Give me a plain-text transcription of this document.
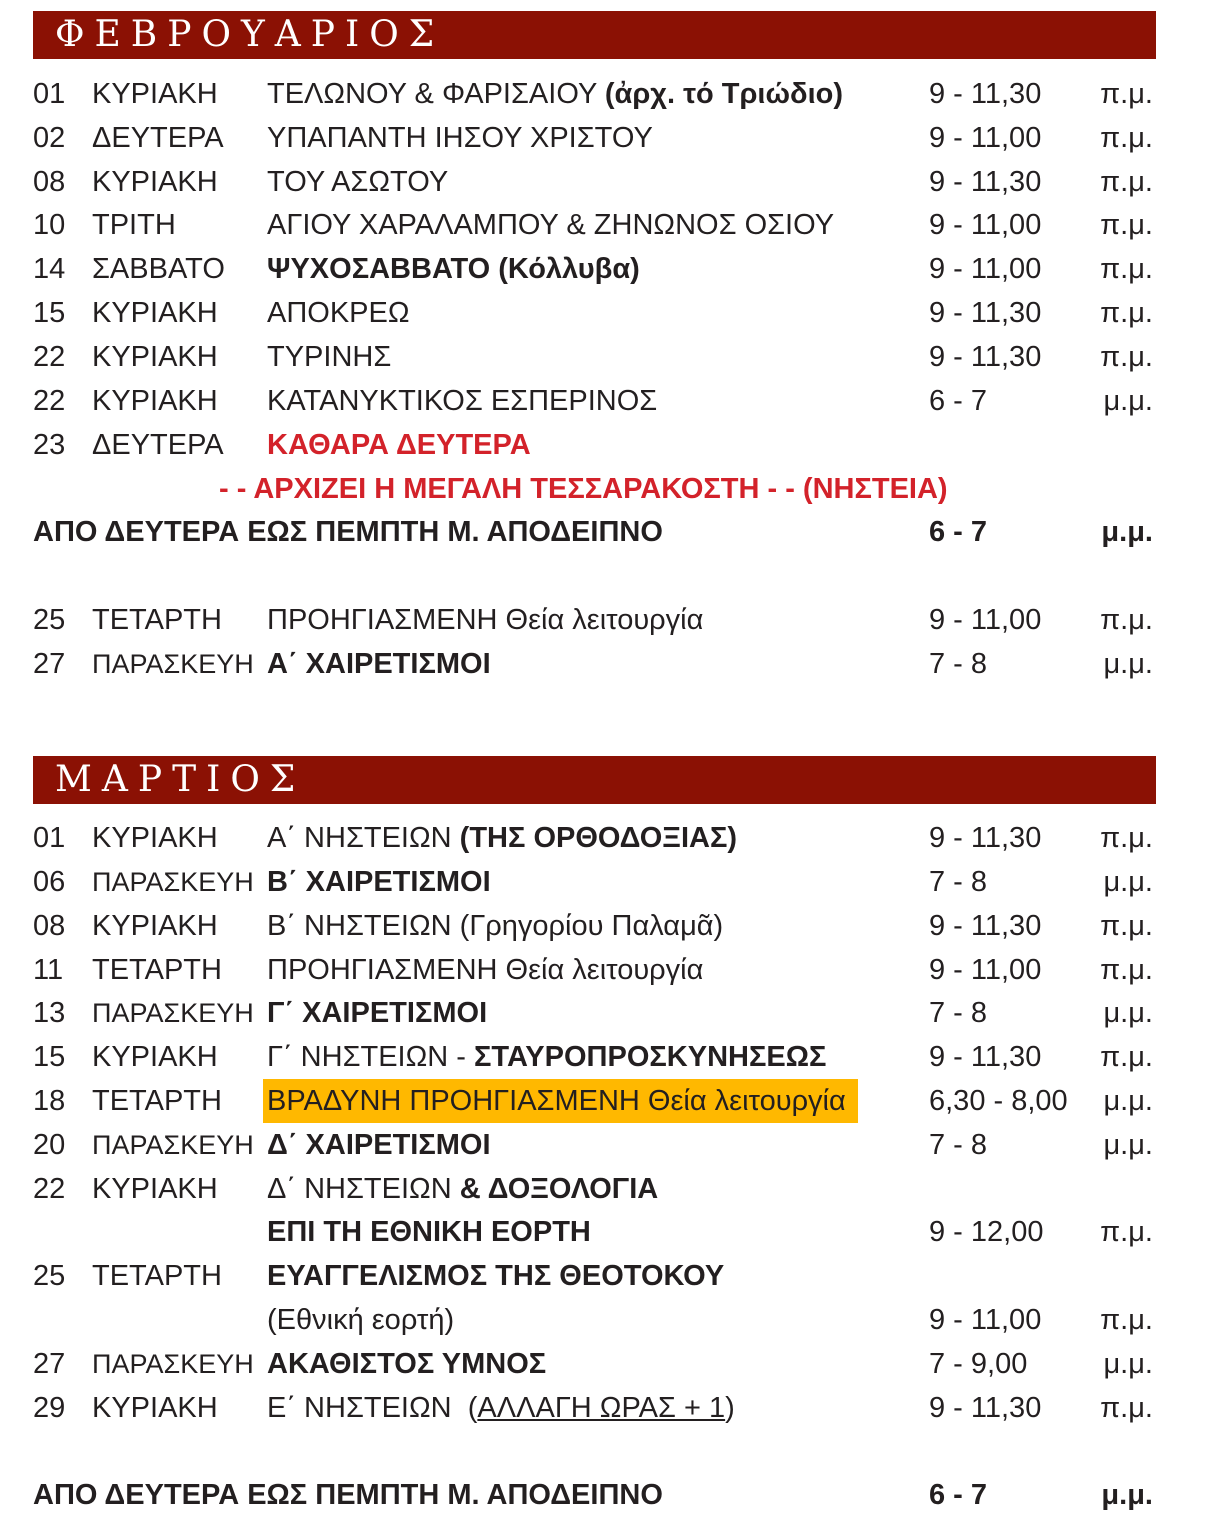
ΦΕΒΡΟΥΑΡΙΟΣ
01 ΚΥΡΙΑΚΗ ΤΕΛΩΝΟΥ & ΦΑΡΙΣΑΙΟΥ (ἀρχ. τό Τριώδιο)	9 - 11,30 π.μ.
02 ΔΕΥΤΕΡΑ ΥΠΑΠΑΝΤΗ ΙΗΣΟΥ ΧΡΙΣΤΟΥ	9 - 11,00 π.μ.
08 ΚΥΡΙΑΚΗ ΤΟΥ ΑΣΩΤΟΥ	9 - 11,30 π.μ.
10 ΤΡΙΤΗ	ΑΓΙΟΥ ΧΑΡΑΛΑΜΠΟΥ & ΖΗΝΩΝΟΣ ΟΣΙΟΥ	9 - 11,00 π.μ.
14 ΣΑΒΒΑΤΟ ΨΥΧΟΣΑΒΒΑΤΟ (Κόλλυβα)	9 - 11,00 π.μ.
15 ΚΥΡΙΑΚΗ ΑΠΟΚΡΕΩ	9 - 11,30 π.μ.
22 ΚΥΡΙΑΚΗ ΤΥΡΙΝΗΣ	9 - 11,30 π.μ.
22 ΚΥΡΙΑΚΗ ΚΑΤΑΝΥΚΤΙΚΟΣ ΕΣΠΕΡΙΝΟΣ	6 - 7	μ.μ.
23 ΔΕΥΤΕΡΑ ΚΑΘΑΡΑ ΔΕΥΤΕΡΑ
- - ΑΡΧΙΖΕΙ Η ΜΕΓΑΛΗ ΤΕΣΣΑΡΑΚΟΣΤΗ - - (ΝΗΣΤΕΙΑ)
ΑΠΟ ΔΕΥΤΕΡΑ ΕΩΣ ΠΕΜΠΤΗ Μ. ΑΠΟΔΕΙΠΝΟ	6 - 7	μ.μ.
25 ΤΕΤΑΡΤΗ ΠΡΟΗΓΙΑΣΜΕΝΗ Θεία λειτουργία	9 - 11,00 π.μ.
27 ΠΑΡΑΣΚΕΥΗ Α΄ ΧΑΙΡΕΤΙΣΜΟΙ	7 - 8	μ.μ.
ΜΑΡΤΙΟΣ
01 ΚΥΡΙΑΚΗ Α΄ ΝΗΣΤΕΙΩΝ (ΤΗΣ ΟΡΘΟΔΟΞΙΑΣ)	9 - 11,30 π.μ.
06 ΠΑΡΑΣΚΕΥΗ Β΄ ΧΑΙΡΕΤΙΣΜΟΙ	7 - 8	μ.μ.
08 ΚΥΡΙΑΚΗ Β΄ ΝΗΣΤΕΙΩΝ (Γρηγορίου Παλαμᾶ)	9 - 11,30 π.μ.
11 ΤΕΤΑΡΤΗ ΠΡΟΗΓΙΑΣΜΕΝΗ Θεία λειτουργία	9 - 11,00 π.μ.
13 ΠΑΡΑΣΚΕΥΗ Γ΄ ΧΑΙΡΕΤΙΣΜΟΙ	7 - 8	μ.μ.
15 ΚΥΡΙΑΚΗ Γ΄ ΝΗΣΤΕΙΩΝ - ΣΤΑΥΡΟΠΡΟΣΚΥΝΗΣΕΩΣ	9 - 11,30 π.μ.
18 ΤΕΤΑΡΤΗ ΒΡΑΔΥΝΗ ΠΡΟΗΓΙΑΣΜΕΝΗ Θεία λειτουργία	6,30 - 8,00 μ.μ.
20 ΠΑΡΑΣΚΕΥΗ Δ΄ ΧΑΙΡΕΤΙΣΜΟΙ	7 - 8	μ.μ.
22 ΚΥΡΙΑΚΗ Δ΄ ΝΗΣΤΕΙΩΝ & ΔΟΞΟΛΟΓΙΑ
ΕΠΙ ΤΗ ΕΘΝΙΚΗ ΕΟΡΤΗ	9 - 12,00 π.μ.
25 ΤΕΤΑΡΤΗ ΕΥΑΓΓΕΛΙΣΜΟΣ ΤΗΣ ΘΕΟΤΟΚΟΥ
(Εθνική εορτή)	9 - 11,00 π.μ.
27 ΠΑΡΑΣΚΕΥΗ ΑΚΑΘΙΣΤΟΣ ΥΜΝΟΣ	7 - 9,00	μ.μ.
29 ΚΥΡΙΑΚΗ Ε΄ ΝΗΣΤΕΙΩΝ  (ΑΛΛΑΓΗ ΩΡΑΣ + 1)	9 - 11,30 π.μ.
ΑΠΟ ΔΕΥΤΕΡΑ ΕΩΣ ΠΕΜΠΤΗ Μ. ΑΠΟΔΕΙΠΝΟ	6 - 7	μ.μ.
